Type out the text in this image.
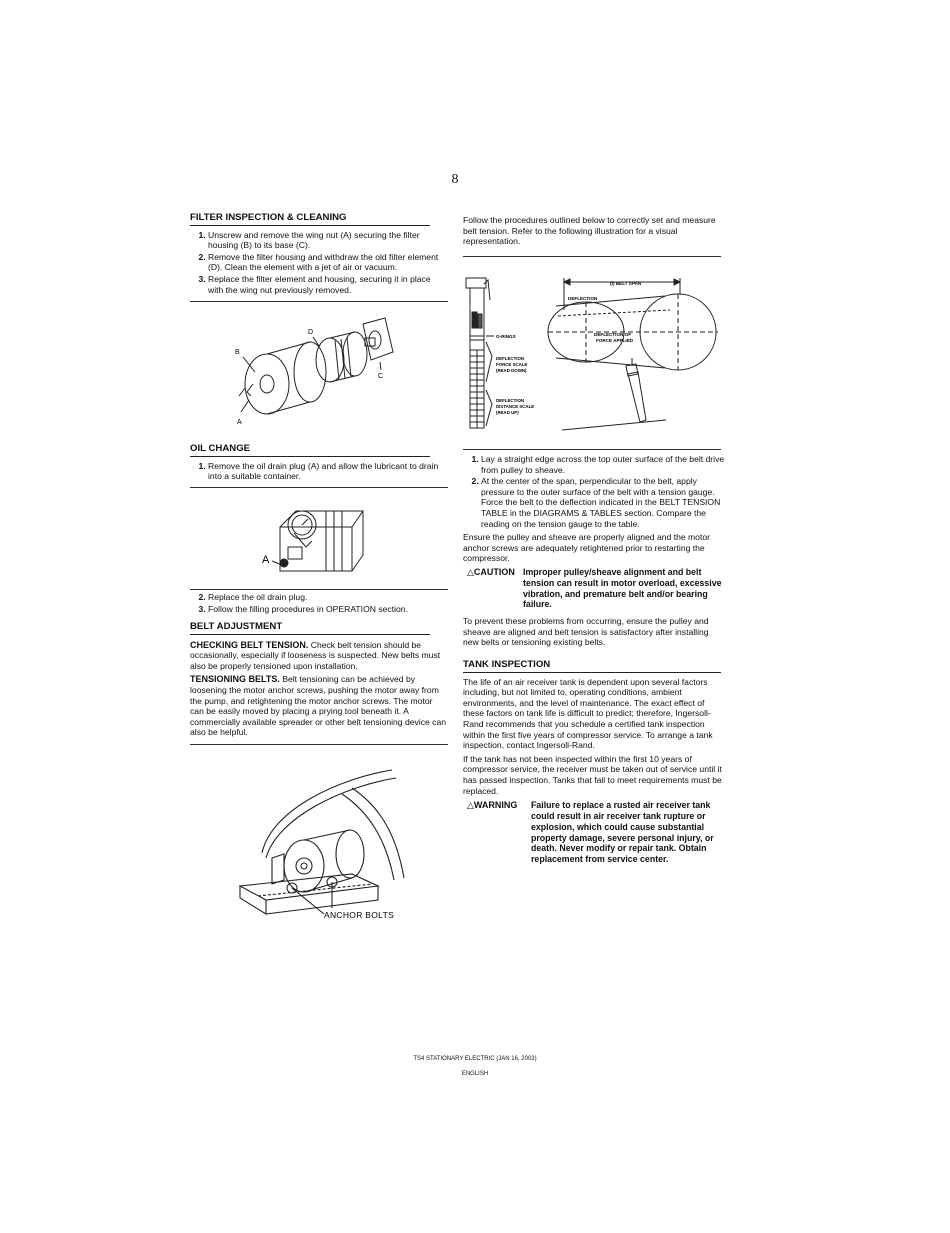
8
FILTER INSPECTION & CLEANING
1. Unscrew and remove the wing nut (A) securing the filter housing (B) to its base (C).
2. Remove the filter housing and withdraw the old filter element (D). Clean the element with a jet of air or vacuum.
3. Replace the filter element and housing, securing it in place with the wing nut previously removed.
B
D
C
A
OIL CHANGE
1. Remove the oil drain plug (A) and allow the lubricant to drain into a suitable container.
A
2. Replace the oil drain plug.
3. Follow the filling procedures in OPERATION section.
BELT ADJUSTMENT

CHECKING BELT TENSION. Check belt tension should be occasionally, especially if looseness is suspected. New belts must also be properly tensioned upon installation.

TENSIONING BELTS. Belt tensioning can be achieved by loosening the motor anchor screws, pushing the motor away from the pump, and retightening the motor anchor screws. The motor can be easily moved by placing a prying tool beneath it. A commercially available spreader or other belt tensioning device can also be helpful.

ANCHOR BOLTS

Follow the procedures outlined below to correctly set and measure belt tension. Refer to the following illustration for a visual representation.

(t) BELT SPAN
DEFLECTION
O-RINGS	DEFLECTION OF
FORCE APPLIED
DEFLECTION
FORCE SCALE
(READ DOWN)
DEFLECTION
DISTANCE SCALE
(READ UP)
1. Lay a straight edge across the top outer surface of the belt drive from pulley to sheave.
2. At the center of the span, perpendicular to the belt, apply pressure to the outer surface of the belt with a tension gauge. Force the belt to the deflection indicated in the BELT TENSION TABLE in the DIAGRAMS & TABLES section. Compare the reading on the tension gauge to the table.

Ensure the pulley and sheave are properly aligned and the motor anchor screws are adequately retightened prior to restarting the compressor.

△CAUTION Improper pulley/sheave alignment and belt tension can result in motor overload, excessive vibration, and premature belt and/or bearing failure.

To prevent these problems from occurring, ensure the pulley and sheave are aligned and belt tension is satisfactory after installing new belts or tensioning existing belts.

TANK INSPECTION

The life of an air receiver tank is dependent upon several factors including, but not limited to, operating conditions, ambient environments, and the level of maintenance. The exact effect of these factors on tank life is difficult to predict; therefore, Ingersoll-Rand recommends that you schedule a certified tank inspection within the first five years of compressor service. To arrange a tank inspection, contact Ingersoll-Rand.

If the tank has not been inspected within the first 10 years of compressor service, the receiver must be taken out of service until it has passed inspection. Tanks that fail to meet requirements must be replaced.

△WARNING	Failure to replace a rusted air receiver tank could result in air receiver tank rupture or explosion, which could cause substantial property damage, severe personal injury, or death. Never modify or repair tank. Obtain replacement from service center.
TS4 STATIONARY ELECTRIC (JAN 16, 2003)
ENGLISH
